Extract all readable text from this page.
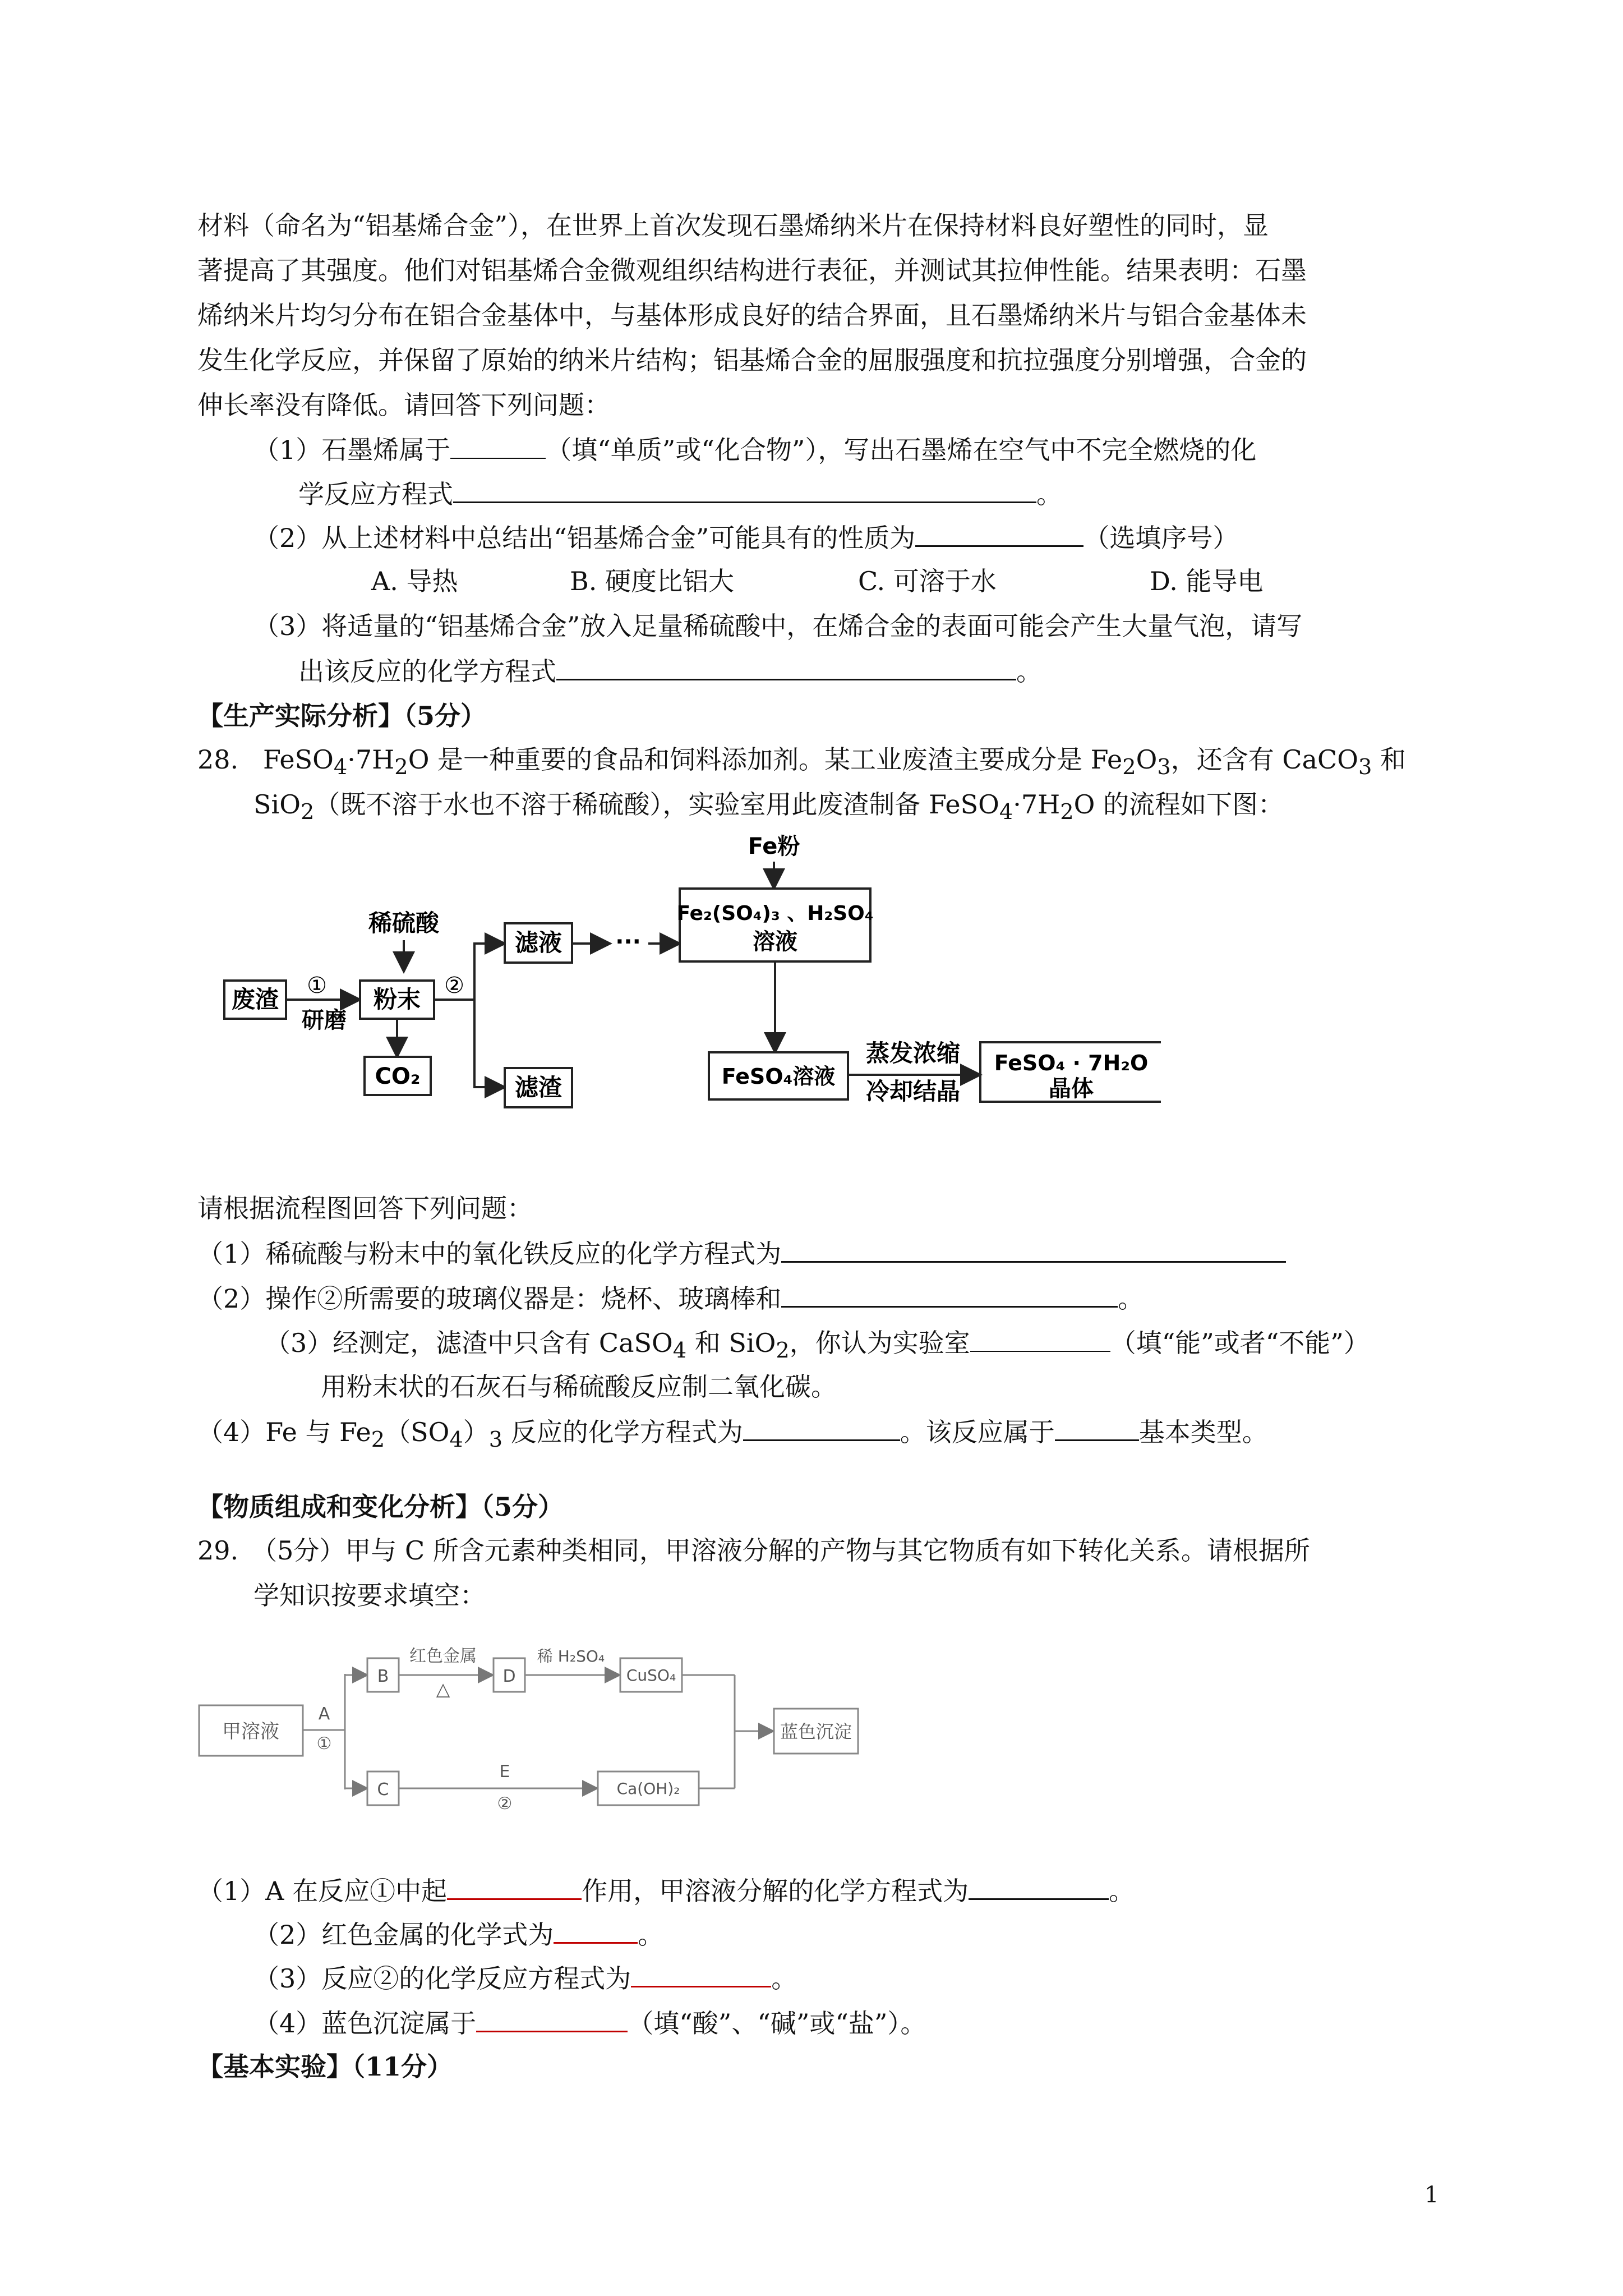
材料（命名为“铝基烯合金”），在世界上首次发现石墨烯纳米片在保持材料良好塑性的同时，显
著提高了其强度。他们对铝基烯合金微观组织结构进行表征，并测试其拉伸性能。结果表明：石墨
烯纳米片均匀分布在铝合金基体中，与基体形成良好的结合界面，且石墨烯纳米片与铝合金基体未
发生化学反应，并保留了原始的纳米片结构；铝基烯合金的屈服强度和抗拉强度分别增强，合金的
伸长率没有降低。请回答下列问题：
（1）石墨烯属于	（填“单质”或“化合物”），写出石墨烯在空气中不完全燃烧的化
学反应方程式	。
（2）从上述材料中总结出“铝基烯合金”可能具有的性质为	（选填序号）
A. 导热	B. 硬度比铝大	C. 可溶于水	D. 能导电
（3）将适量的“铝基烯合金”放入足量稀硫酸中，在烯合金的表面可能会产生大量气泡，请写
出该反应的化学方程式	。
【生产实际分析】（5分）
28. $FeSO_4\cdot 7H_2O$ 是一种重要的食品和饲料添加剂。某工业废渣主要成分是 $Fe_2O_3$，还含有 CaCO$_3$ 和
SiO$_2$（既不溶于水也不溶于稀硫酸），实验室用此废渣制备 $FeSO_4\cdot 7H_2O$ 的流程如下图：
Fe粉
稀硫酸
废渣 ①
研磨
粉末 ②
CO₂
滤液 ···
滤渣
Fe₂(SO₄)₃ 、H₂SO₄
溶液
FeSO₄溶液
蒸发浓缩
冷却结晶
FeSO₄ · 7H₂O
晶体
请根据流程图回答下列问题：
（1）稀硫酸与粉末中的氧化铁反应的化学方程式为
（2）操作②所需要的玻璃仪器是：烧杯、玻璃棒和	。
（3）经测定，滤渣中只含有 CaSO$_4$ 和 SiO$_2$，你认为实验室	（填“能”或者“不能”）
用粉末状的石灰石与稀硫酸反应制二氧化碳。
（4）Fe 与 $Fe_2(SO_4)_3$ 反应的化学方程式为	。该反应属于	基本类型。
【物质组成和变化分析】（5分）
29.　（5分）甲与 C 所含元素种类相同，甲溶液分解的产物与其它物质有如下转化关系。请根据所
学知识按要求填空：
甲溶液
A
①
B
红色金属
△
D
稀 H₂SO₄
CuSO₄
C
E
②
Ca(OH)₂
蓝色沉淀
（1）A 在反应①中起	作用，甲溶液分解的化学方程式为	。
（2）红色金属的化学式为	。
（3）反应②的化学反应方程式为	。
（4）蓝色沉淀属于	（填“酸”、“碱”或“盐”）。
【基本实验】（11分）
1
